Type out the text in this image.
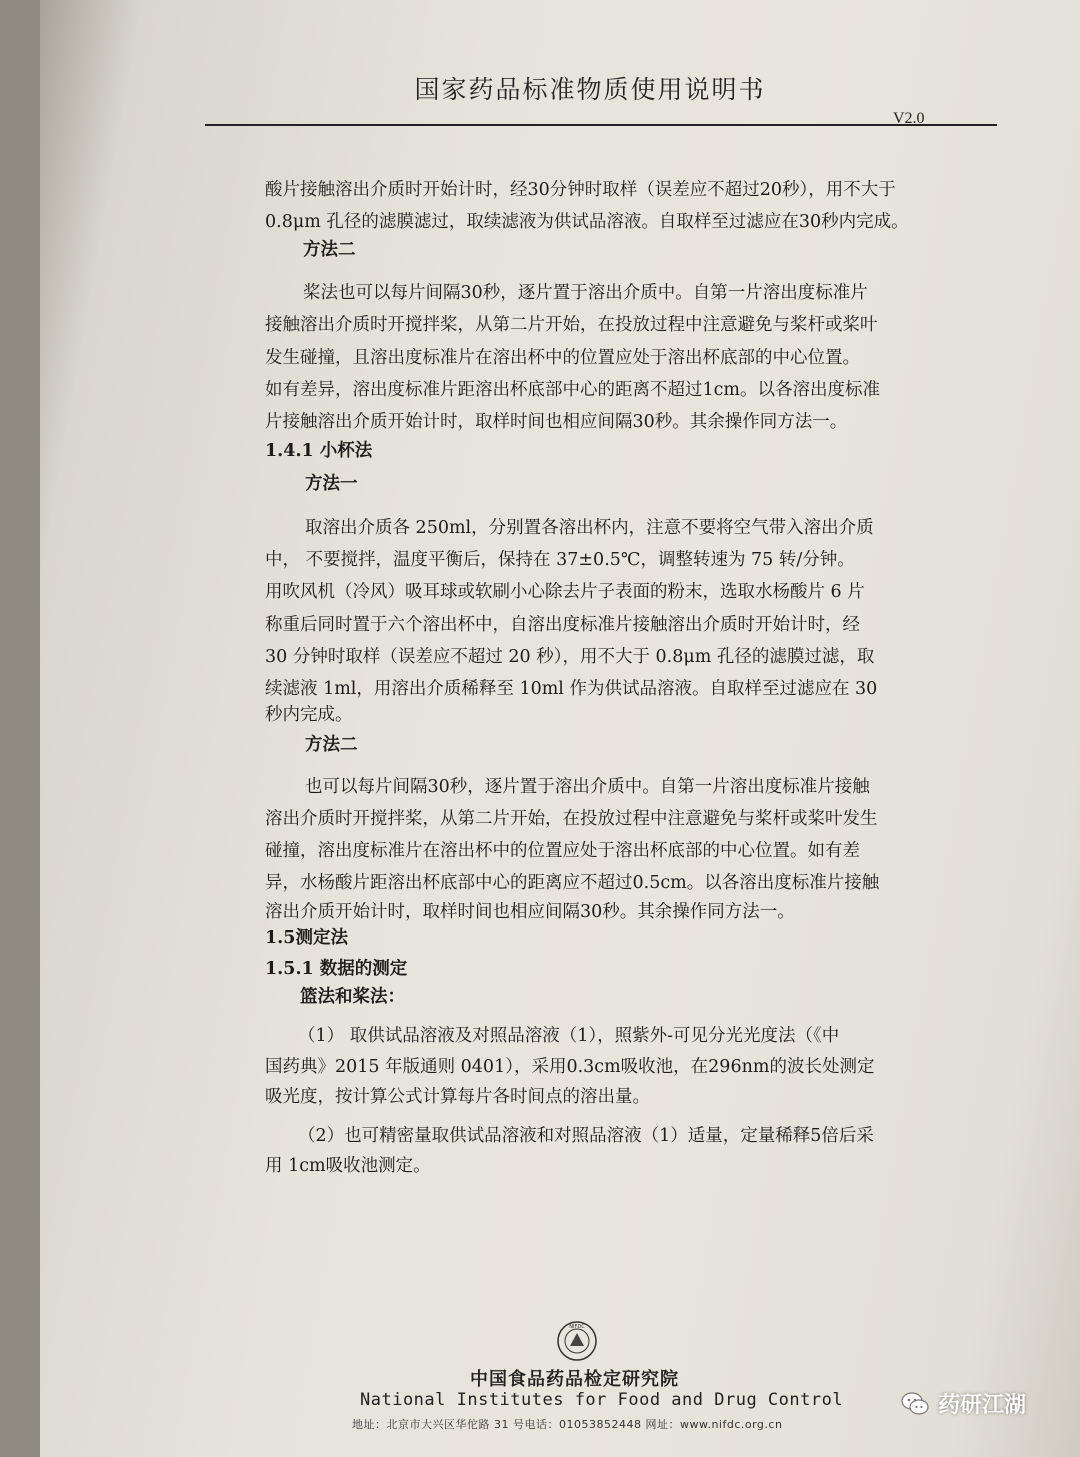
国家药品标准物质使用说明书
V2.0
酸片接触溶出介质时开始计时，经30分钟时取样（误差应不超过20秒），用不大于
0.8μm 孔径的滤膜滤过，取续滤液为供试品溶液。自取样至过滤应在30秒内完成。
方法二
桨法也可以每片间隔30秒，逐片置于溶出介质中。自第一片溶出度标准片
接触溶出介质时开搅拌桨，从第二片开始，在投放过程中注意避免与桨杆或桨叶
发生碰撞，且溶出度标准片在溶出杯中的位置应处于溶出杯底部的中心位置。
如有差异，溶出度标准片距溶出杯底部中心的距离不超过1cm。以各溶出度标准
片接触溶出介质开始计时，取样时间也相应间隔30秒。其余操作同方法一。
1.4.1 小杯法
方法一
取溶出介质各 250ml，分别置各溶出杯内，注意不要将空气带入溶出介质
中， 不要搅拌，温度平衡后，保持在 37±0.5℃，调整转速为 75 转/分钟。
用吹风机（冷风）吸耳球或软刷小心除去片子表面的粉末，选取水杨酸片 6 片
称重后同时置于六个溶出杯中，自溶出度标准片接触溶出介质时开始计时，经
30 分钟时取样（误差应不超过 20 秒），用不大于 0.8μm 孔径的滤膜过滤，取
续滤液 1ml，用溶出介质稀释至 10ml 作为供试品溶液。自取样至过滤应在 30
秒内完成。
方法二
也可以每片间隔30秒，逐片置于溶出介质中。自第一片溶出度标准片接触
溶出介质时开搅拌桨，从第二片开始，在投放过程中注意避免与桨杆或桨叶发生
碰撞，溶出度标准片在溶出杯中的位置应处于溶出杯底部的中心位置。如有差
异，水杨酸片距溶出杯底部中心的距离应不超过0.5cm。以各溶出度标准片接触
溶出介质开始计时，取样时间也相应间隔30秒。其余操作同方法一。
1.5测定法
1.5.1 数据的测定
篮法和桨法：
（1） 取供试品溶液及对照品溶液（1），照紫外-可见分光光度法（《中
国药典》2015 年版通则 0401），采用0.3cm吸收池，在296nm的波长处测定
吸光度，按计算公式计算每片各时间点的溶出量。
（2）也可精密量取供试品溶液和对照品溶液（1）适量，定量稀释5倍后采
用 1cm吸收池测定。
NIFDC
中国食品药品检定研究院
National Institutes for Food and Drug Control
地址：北京市大兴区华佗路 31 号电话：01053852448 网址：www.nifdc.org.cn
药研江湖
